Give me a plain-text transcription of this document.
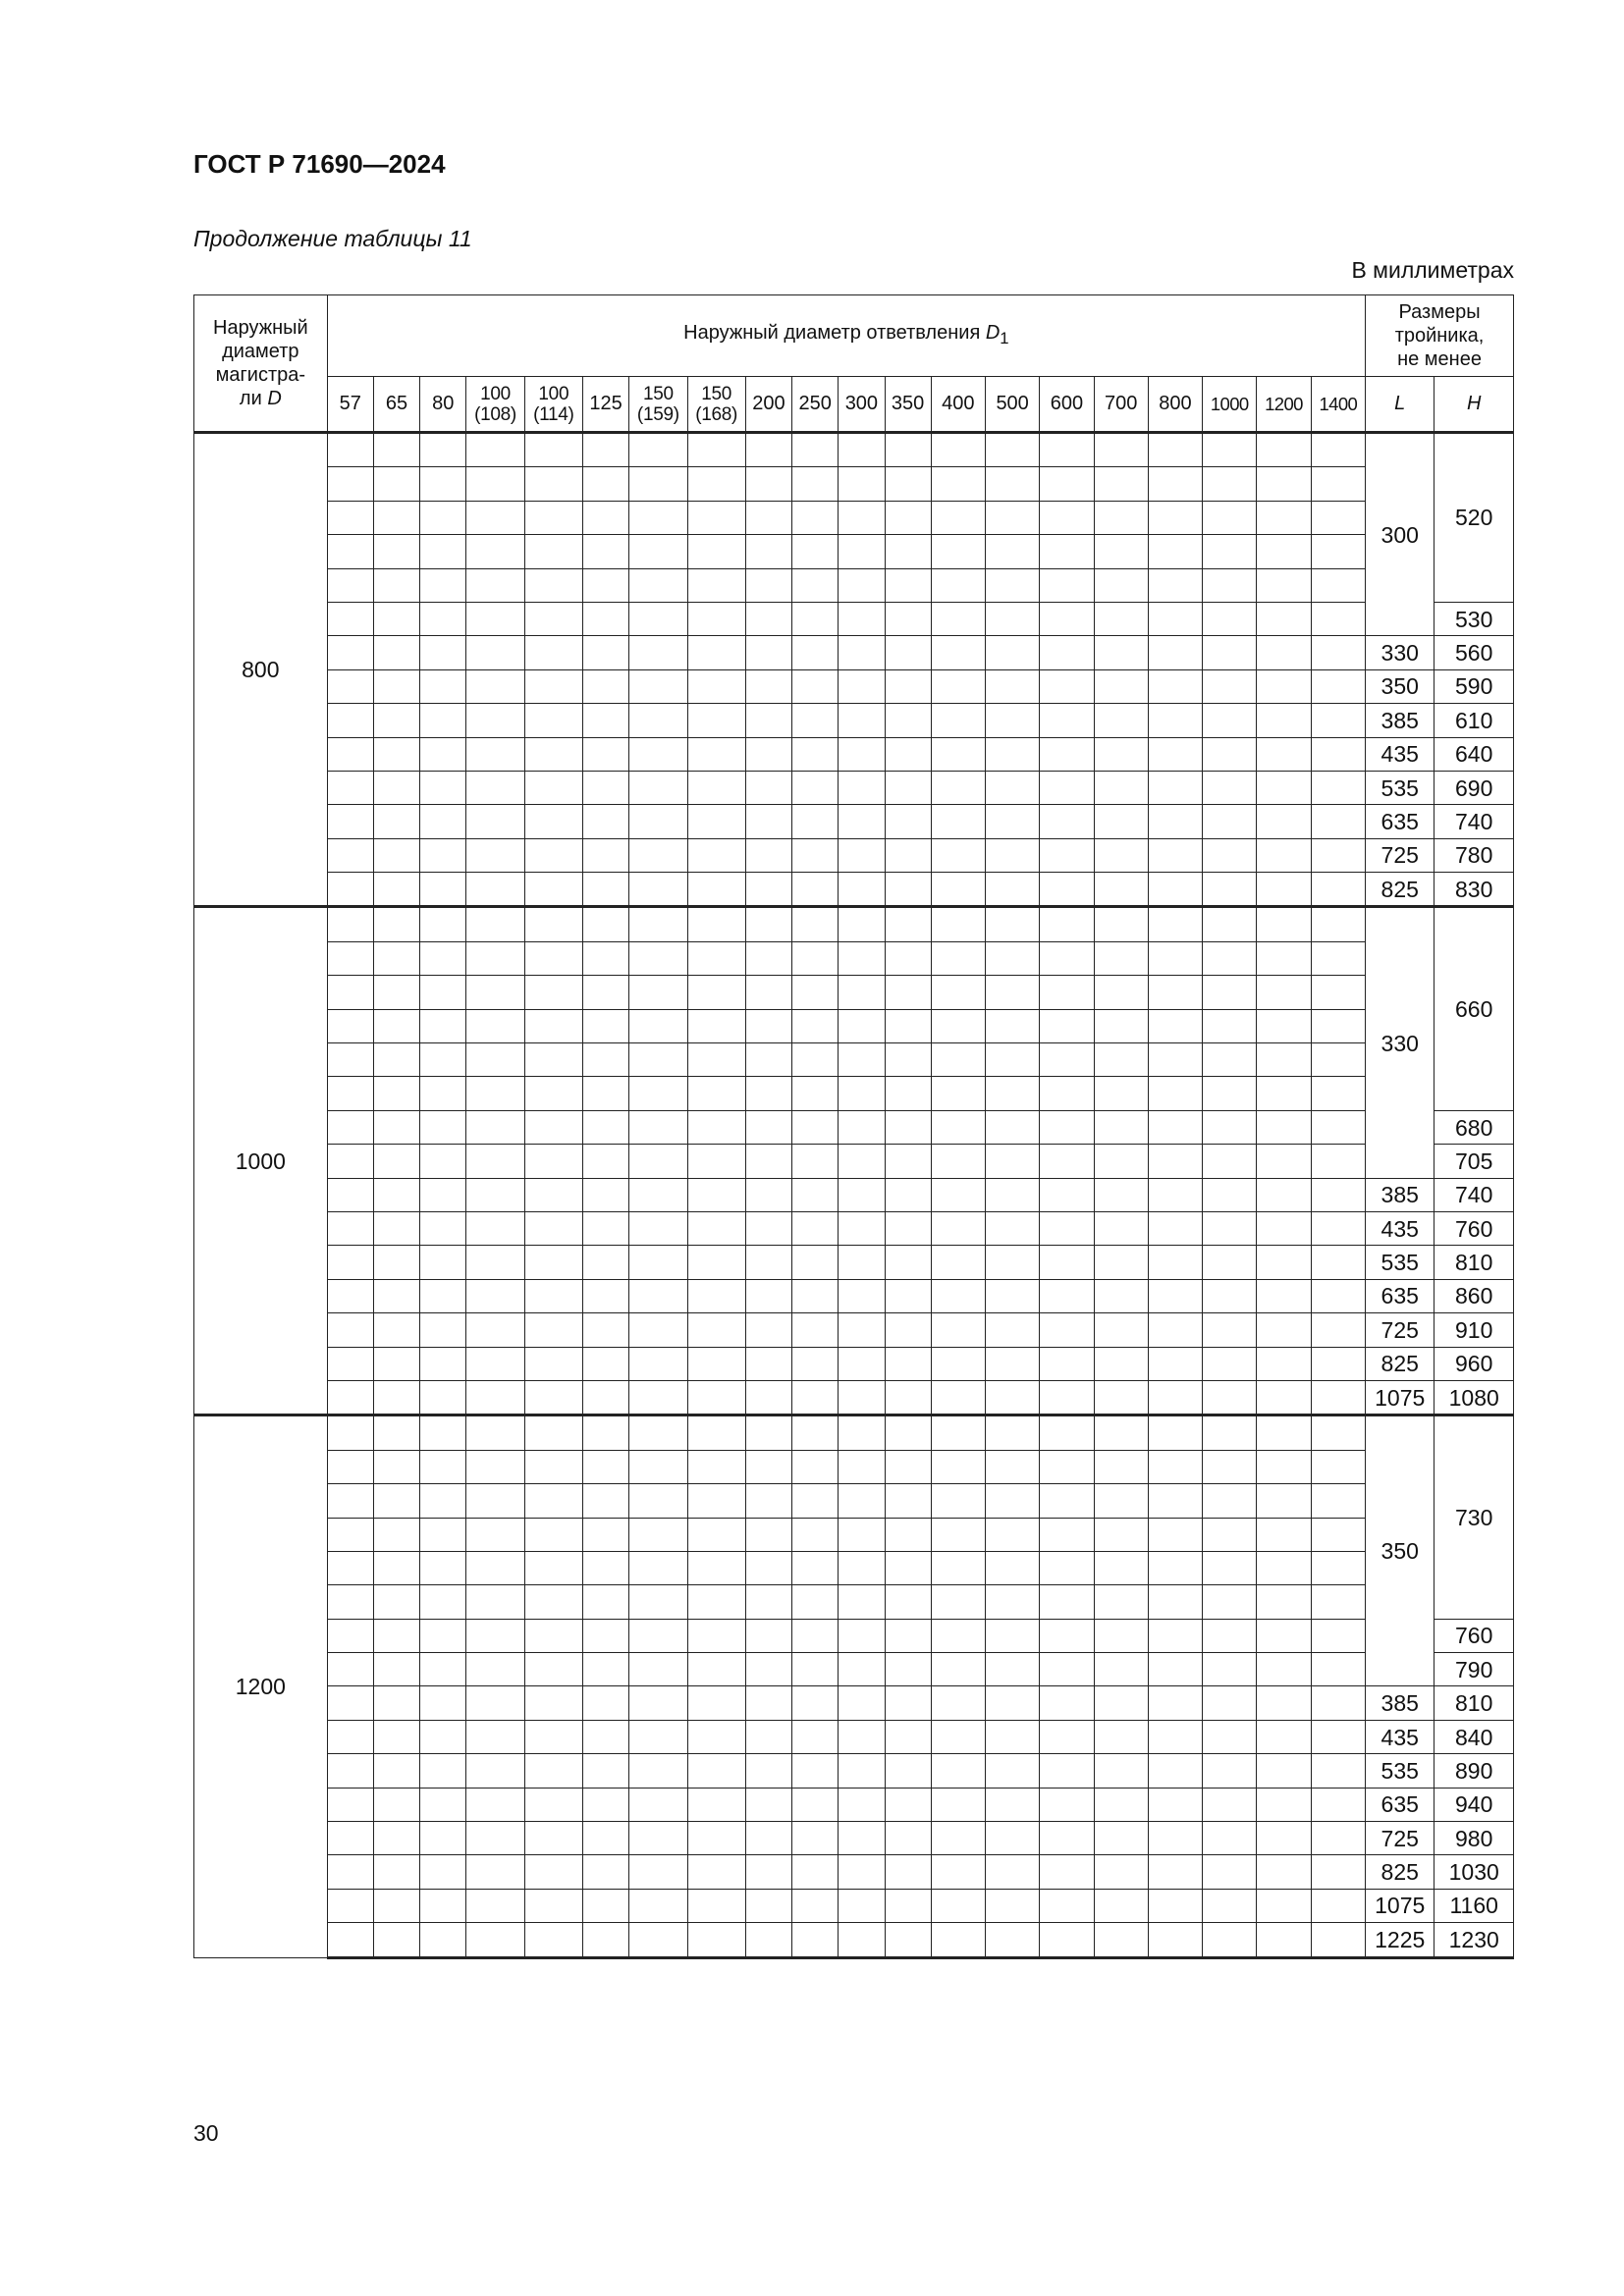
ГОСТ Р 71690—2024
Продолжение таблицы 11
В миллиметрах
Наружный
диаметр
магистра-
ли D	Наружный диаметр ответвления $D_1$																				Размеры
тройника,
не менее	
	57	65	80	100
(108)	100
(114)	125	150
(159)	150
(168)	200	250	300	350	400	500	600	700	800	1000	1200	1400	L	H
800																					300	520

																						530
																					330	560
																					350	590
																					385	610
																					435	640
																					535	690
																					635	740
																					725	780
																					825	830
1000																					330	660

																						680
																						705
																					385	740
																					435	760
																					535	810
																					635	860
																					725	910
																					825	960
																					1075	1080
1200																					350	730

																						760
																						790
																					385	810
																					435	840
																					535	890
																					635	940
																					725	980
																					825	1030
																					1075	1160
																					1225	1230
30
